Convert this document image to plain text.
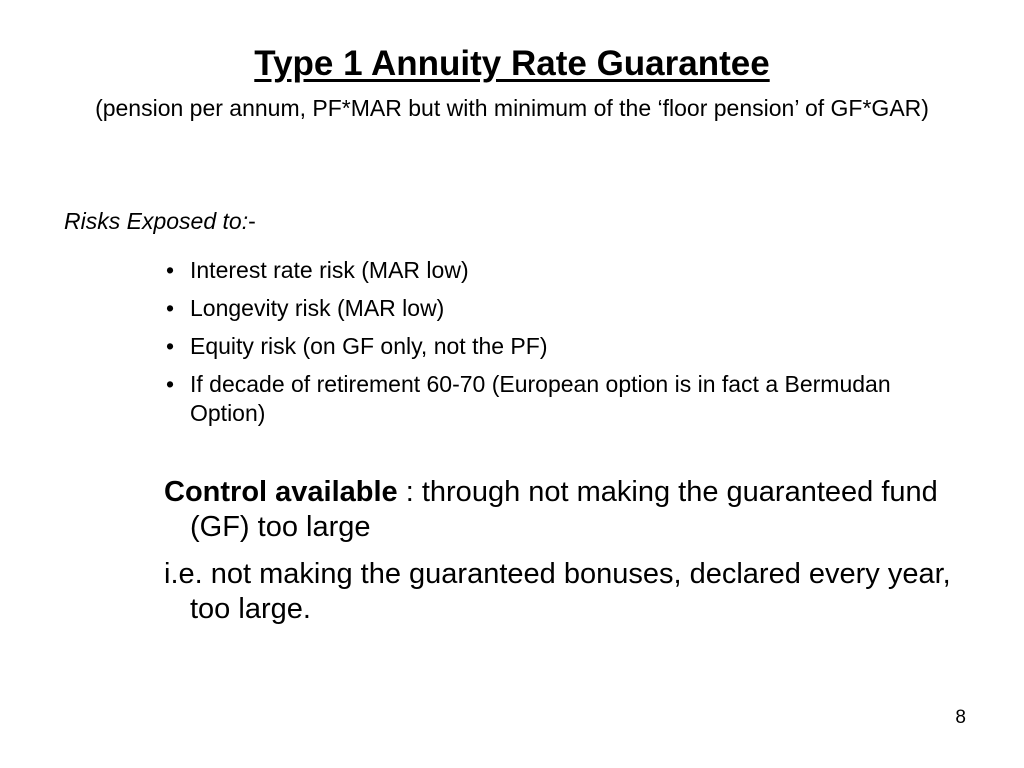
Type 1 Annuity Rate Guarantee
(pension per annum, PF*MAR but with minimum of the ‘floor pension’ of GF*GAR)
Risks Exposed to:-
• Interest rate risk (MAR low)
• Longevity risk (MAR low)
• Equity risk (on GF only, not the PF)
• If decade of retirement 60-70 (European option is in fact a Bermudan Option)

Control available : through not making the guaranteed fund (GF) too large

i.e. not making the guaranteed bonuses, declared every year, too large.

8
